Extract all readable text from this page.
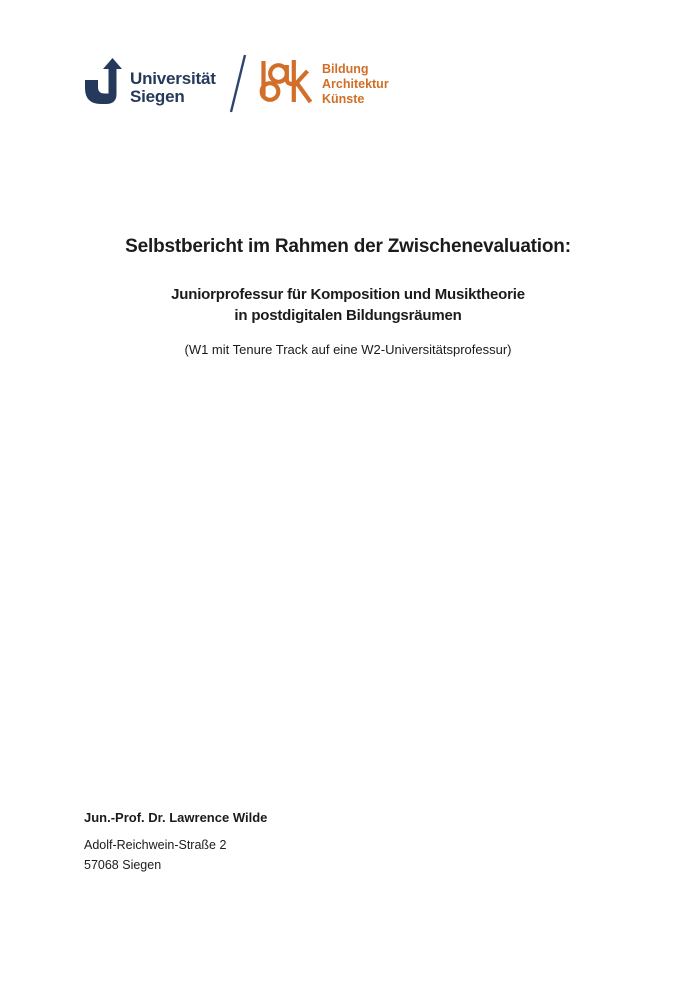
Universität
Siegen
Bildung
Architektur
Künste
Selbstbericht im Rahmen der Zwischenevaluation:
Juniorprofessur für Komposition und Musiktheorie
in postdigitalen Bildungsräumen
(W1 mit Tenure Track auf eine W2-Universitätsprofessur)
Jun.-Prof. Dr. Lawrence Wilde
Adolf-Reichwein-Straße 2
57068 Siegen
